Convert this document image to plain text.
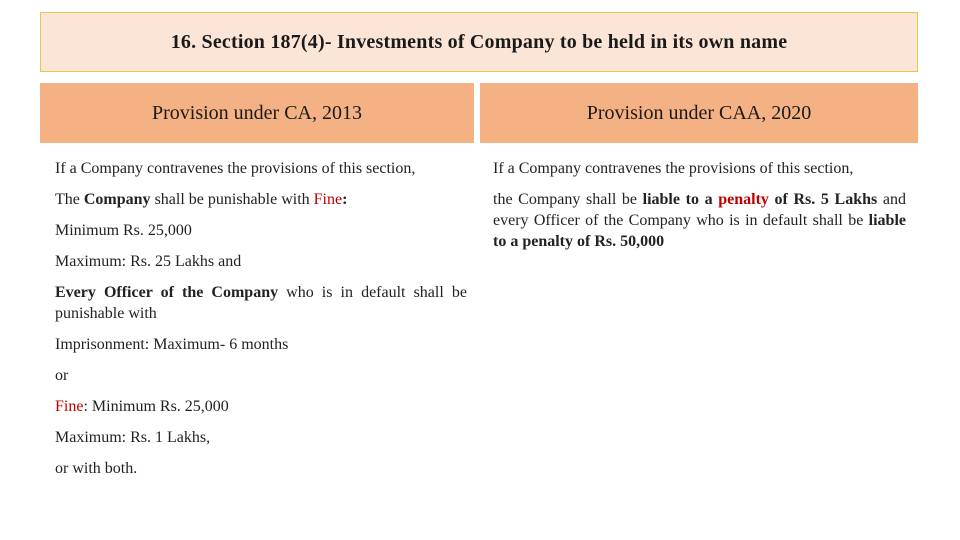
16. Section 187(4)- Investments of Company to be held in its own name
Provision under CA, 2013	Provision under CAA, 2020

If a Company contravenes the provisions of this section,

The Company shall be punishable with Fine:

Minimum Rs. 25,000

Maximum: Rs. 25 Lakhs and

Every Officer of the Company who is in default shall be punishable with

Imprisonment: Maximum- 6 months

or

Fine: Minimum Rs. 25,000

Maximum: Rs. 1 Lakhs,

or with both.

If a Company contravenes the provisions of this section,

the Company shall be liable to a penalty of Rs. 5 Lakhs and every Officer of the Company who is in default shall be liable to a penalty of Rs. 50,000
